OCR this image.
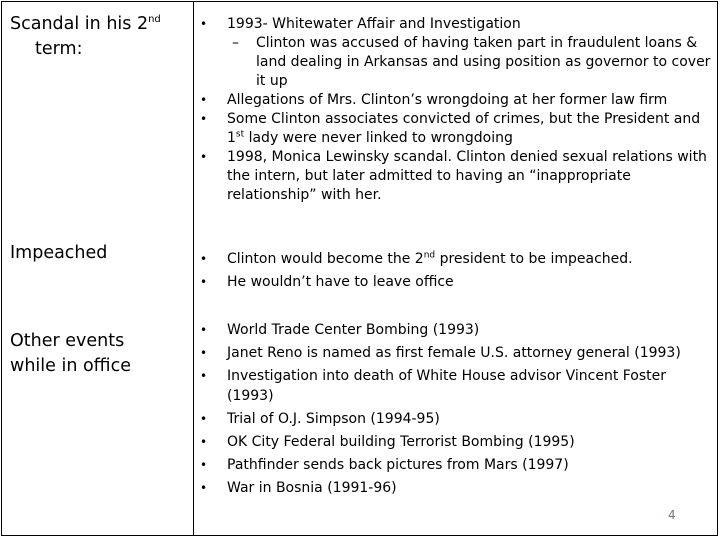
Scandal in his 2nd
term:
• 1993- Whitewater Affair and Investigation
– Clinton was accused of having taken part in fraudulent loans & land dealing in Arkansas and using position as governor to cover it up
• Allegations of Mrs. Clinton’s wrongdoing at her former law firm
• Some Clinton associates convicted of crimes, but the President and 1st lady were never linked to wrongdoing
• 1998, Monica Lewinsky scandal. Clinton denied sexual relations with the intern, but later admitted to having an “inappropriate relationship” with her.
Impeached	• Clinton would become the 2nd president to be impeached.
• He wouldn’t have to leave office
Other events
while in office
• World Trade Center Bombing (1993)
• Janet Reno is named as first female U.S. attorney general (1993)
• Investigation into death of White House advisor Vincent Foster (1993)
• Trial of O.J. Simpson (1994-95)
• OK City Federal building Terrorist Bombing (1995)
• Pathfinder sends back pictures from Mars (1997)
• War in Bosnia (1991-96)
4
